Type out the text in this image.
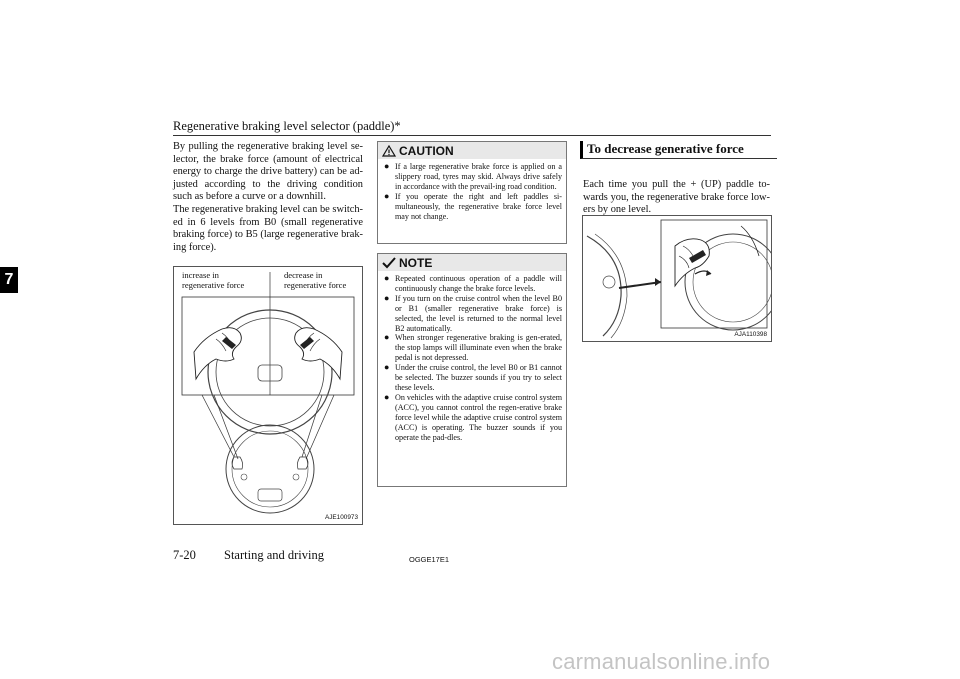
Regenerative braking level selector (paddle)*
7

By pulling the regenerative braking level se-lector, the brake force (amount of electrical energy to charge the drive battery) can be ad-justed according to the driving condition such as before a curve or a downhill.

The regenerative braking level can be switch-ed in 6 levels from B0 (small regenerative braking force) to B5 (large regenerative brak-ing force).

increase in regenerative force
decrease in regenerative force
AJE100973
CAUTION
● If a large regenerative brake force is applied on a slippery road, tyres may skid. Always drive safely in accordance with the prevail-ing road condition.
● If you operate the right and left paddles si-multaneously, the regenerative brake force level may not change.
NOTE
● Repeated continuous operation of a paddle will continuously change the brake force levels.
● If you turn on the cruise control when the level B0 or B1 (smaller regenerative brake force) is selected, the level is returned to the normal level B2 automatically.
● When stronger regenerative braking is gen-erated, the stop lamps will illuminate even when the brake pedal is not depressed.
● Under the cruise control, the level B0 or B1 cannot be selected. The buzzer sounds if you try to select these levels.
● On vehicles with the adaptive cruise control system (ACC), you cannot control the regen-erative brake force level while the adaptive cruise control system (ACC) is operating. The buzzer sounds if you operate the pad-dles.
To decrease generative force

Each time you pull the + (UP) paddle to-wards you, the regenerative brake force low-ers by one level.

AJA110398
7-20 Starting and driving	OGGE17E1
carmanualsonline.info
